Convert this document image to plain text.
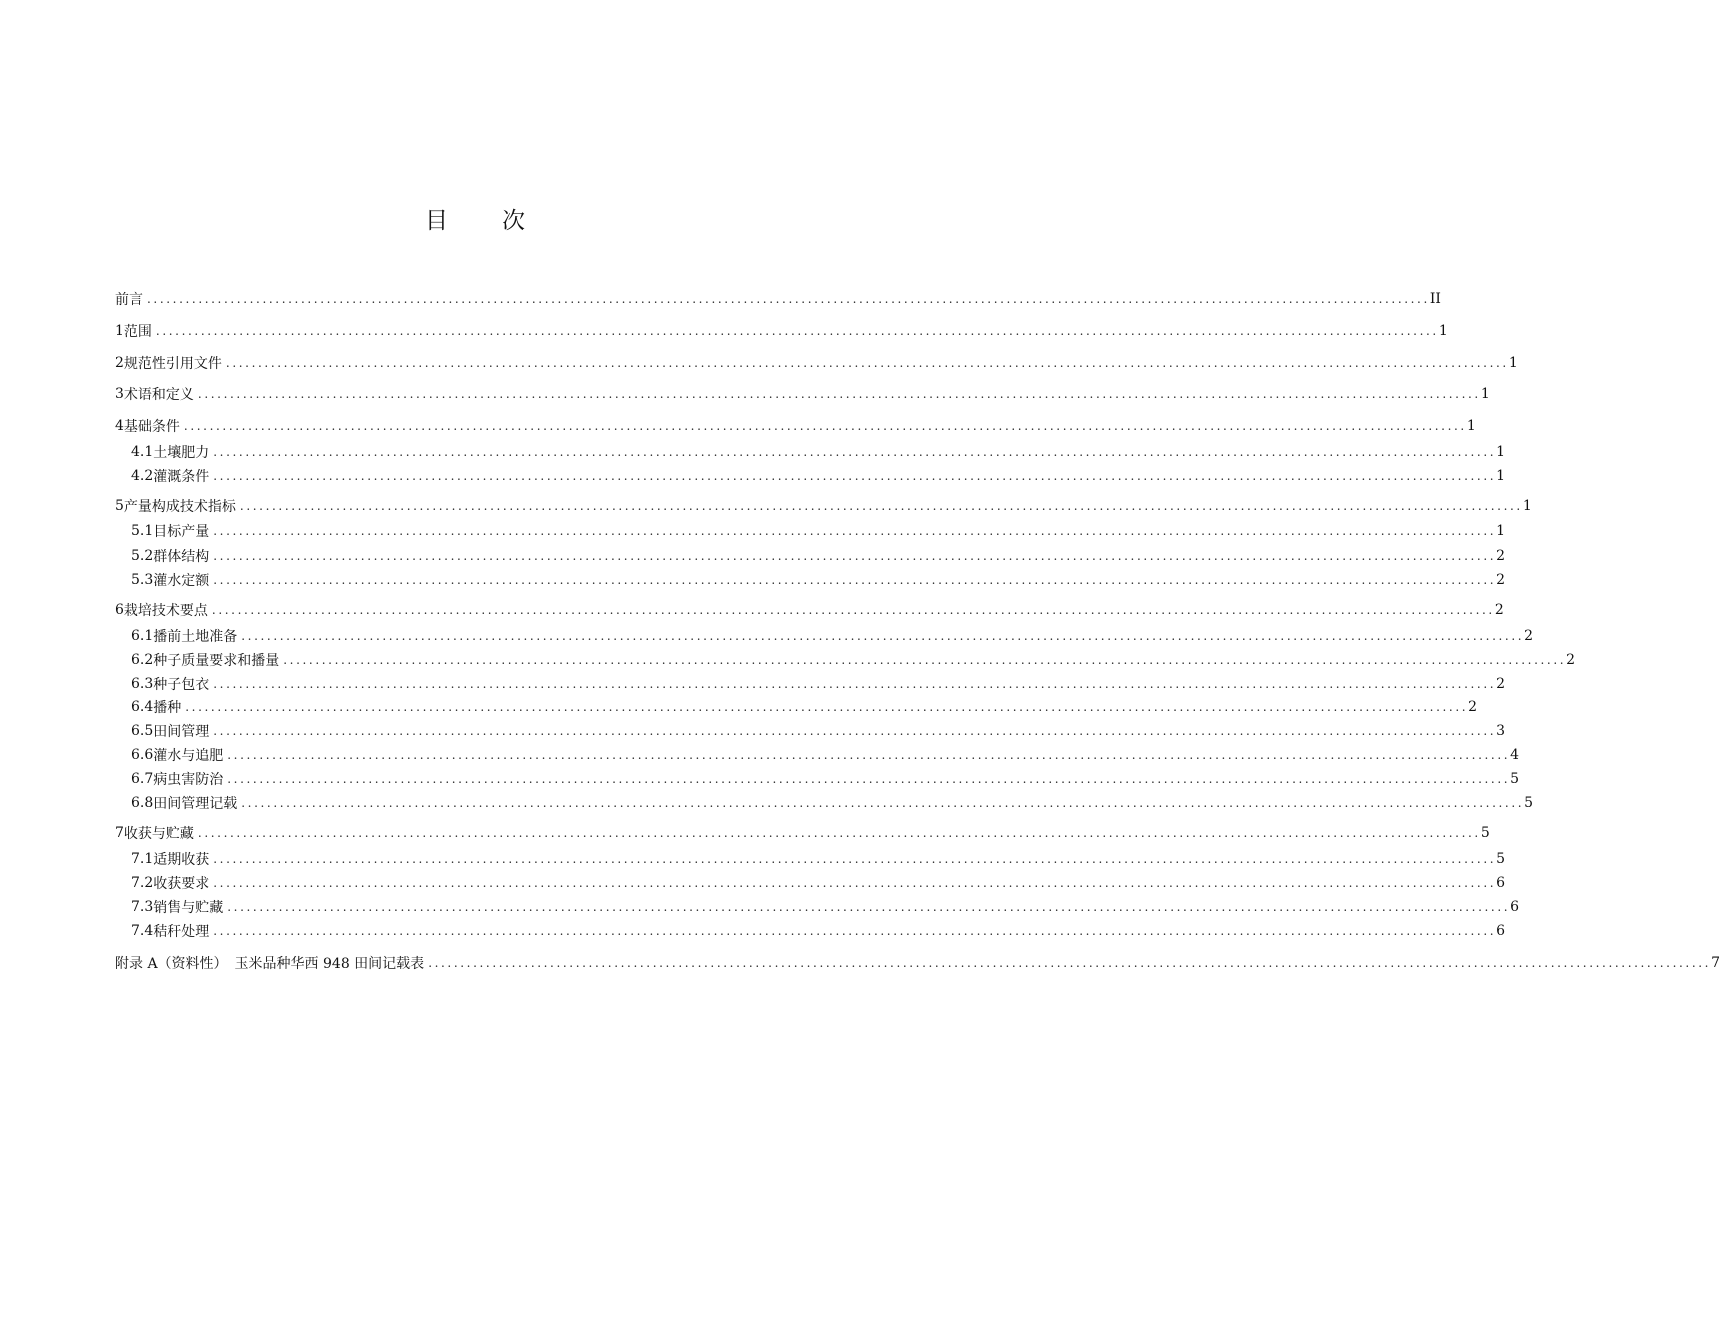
目 次
前言 ........................................................................................................................................................................................................ II
1 范围 ........................................................................................................................................................................................................ 1
2 规范性引用文件 ........................................................................................................................................................................................................ 1
3 术语和定义 ........................................................................................................................................................................................................ 1
4 基础条件 ........................................................................................................................................................................................................ 1
4.1 土壤肥力 ........................................................................................................................................................................................................ 1
4.2 灌溉条件 ........................................................................................................................................................................................................ 1
5 产量构成技术指标 ........................................................................................................................................................................................................ 1
5.1 目标产量 ........................................................................................................................................................................................................ 1
5.2 群体结构 ........................................................................................................................................................................................................ 2
5.3 灌水定额 ........................................................................................................................................................................................................ 2
6 栽培技术要点 ........................................................................................................................................................................................................ 2
6.1 播前土地准备 ........................................................................................................................................................................................................ 2
6.2 种子质量要求和播量 ........................................................................................................................................................................................................ 2
6.3 种子包衣 ........................................................................................................................................................................................................ 2
6.4 播种 ........................................................................................................................................................................................................ 2
6.5 田间管理 ........................................................................................................................................................................................................ 3
6.6 灌水与追肥 ........................................................................................................................................................................................................ 4
6.7 病虫害防治 ........................................................................................................................................................................................................ 5
6.8 田间管理记载 ........................................................................................................................................................................................................ 5
7 收获与贮藏 ........................................................................................................................................................................................................ 5
7.1 适期收获 ........................................................................................................................................................................................................ 5
7.2 收获要求 ........................................................................................................................................................................................................ 6
7.3 销售与贮藏 ........................................................................................................................................................................................................ 6
7.4 秸秆处理 ........................................................................................................................................................................................................ 6
附录 A（资料性）　玉米品种华西 948 田间记载表 ........................................................................................................................................................................................................ 7
